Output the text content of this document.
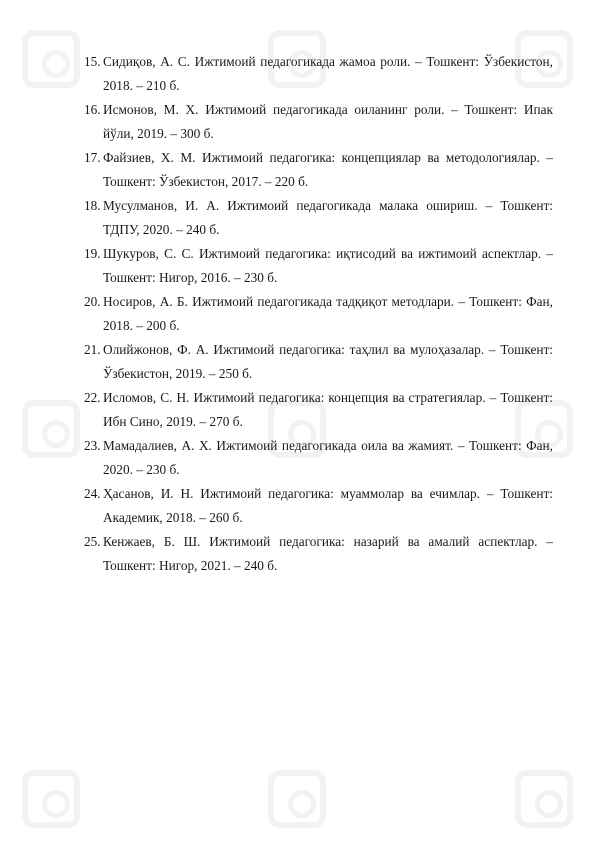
15. Сидиқов, А. С. Ижтимоий педагогикада жамоа роли. – Тошкент: Ўзбекистон, 2018. – 210 б.
16. Исмонов, М. Х. Ижтимоий педагогикада оиланинг роли. – Тошкент: Ипак йўли, 2019. – 300 б.
17. Файзиев, Х. М. Ижтимоий педагогика: концепциялар ва методологиялар. – Тошкент: Ўзбекистон, 2017. – 220 б.
18. Мусулманов, И. А. Ижтимоий педагогикада малака ошириш. – Тошкент: ТДПУ, 2020. – 240 б.
19. Шукуров, С. С. Ижтимоий педагогика: иқтисодий ва ижтимоий аспектлар. – Тошкент: Нигор, 2016. – 230 б.
20. Носиров, А. Б. Ижтимоий педагогикада тадқиқот методлари. – Тошкент: Фан, 2018. – 200 б.
21. Олийжонов, Ф. А. Ижтимоий педагогика: таҳлил ва мулоҳазалар. – Тошкент: Ўзбекистон, 2019. – 250 б.
22. Исломов, С. Н. Ижтимоий педагогика: концепция ва стратегиялар. – Тошкент: Ибн Сино, 2019. – 270 б.
23. Мамадалиев, А. Х. Ижтимоий педагогикада оила ва жамият. – Тошкент: Фан, 2020. – 230 б.
24. Ҳасанов, И. Н. Ижтимоий педагогика: муаммолар ва ечимлар. – Тошкент: Академик, 2018. – 260 б.
25. Кенжаев, Б. Ш. Ижтимоий педагогика: назарий ва амалий аспектлар. – Тошкент: Нигор, 2021. – 240 б.
